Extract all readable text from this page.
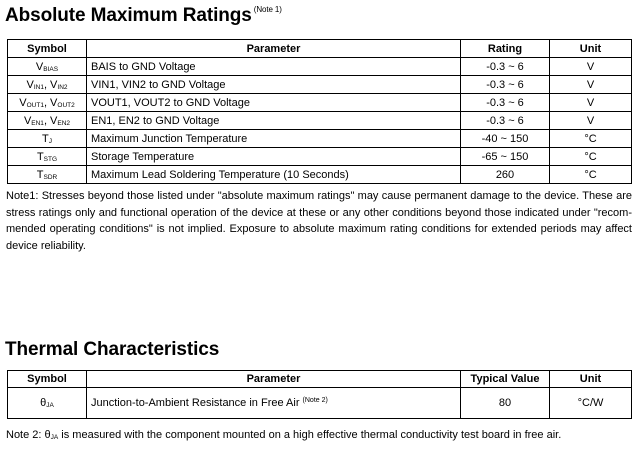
Absolute Maximum Ratings $^{(Note 1)}$
Symbol	Parameter	Rating	Unit
$V_{BIAS}$	BAIS to GND Voltage	-0.3 ~ 6	V
$V_{IN1}$, $V_{IN2}$	VIN1, VIN2 to GND Voltage	-0.3 ~ 6	V
$V_{OUT1}$, $V_{OUT2}$	VOUT1, VOUT2 to GND Voltage	-0.3 ~ 6	V
$V_{EN1}$, $V_{EN2}$	EN1, EN2 to GND Voltage	-0.3 ~ 6	V
$T_J$	Maximum Junction Temperature	-40 ~ 150	°C
$T_{STG}$	Storage Temperature	-65 ~ 150	°C
$T_{SDR}$	Maximum Lead Soldering Temperature (10 Seconds)	260	°C

Note1: Stresses beyond those listed under "absolute maximum ratings" may cause permanent damage to the device. These are stress ratings only and functional operation of the device at these or any other conditions beyond those indicated under "recom-mended operating conditions" is not implied. Exposure to absolute maximum rating conditions for extended periods may affect device reliability.

Thermal Characteristics
Symbol	Parameter	Typical Value	Unit
$\theta_{JA}$	Junction-to-Ambient Resistance in Free Air $^{(Note 2)}$	80	°C/W

Note 2: $\theta_{JA}$ is measured with the component mounted on a high effective thermal conductivity test board in free air.
